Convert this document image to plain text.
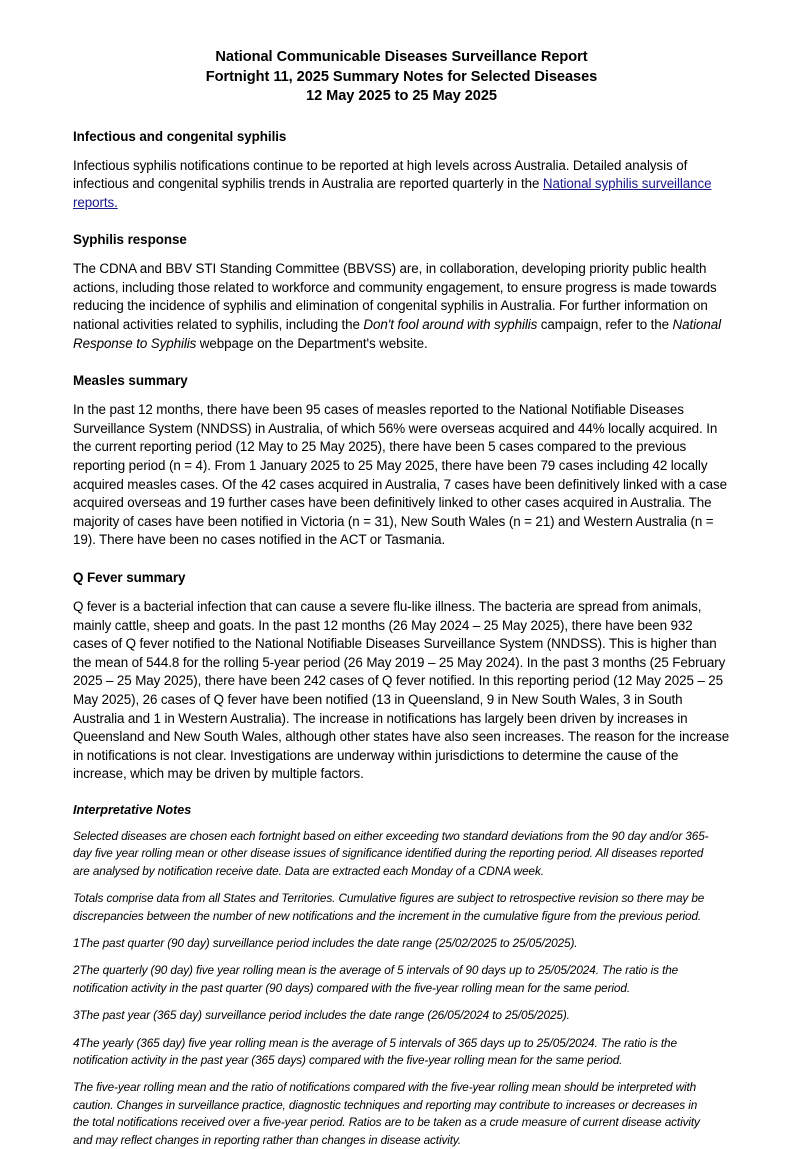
National Communicable Diseases Surveillance Report
Fortnight 11, 2025 Summary Notes for Selected Diseases
12 May 2025 to 25 May 2025
Infectious and congenital syphilis

Infectious syphilis notifications continue to be reported at high levels across Australia. Detailed analysis of infectious and congenital syphilis trends in Australia are reported quarterly in the National syphilis surveillance reports.

Syphilis response

The CDNA and BBV STI Standing Committee (BBVSS) are, in collaboration, developing priority public health actions, including those related to workforce and community engagement, to ensure progress is made towards reducing the incidence of syphilis and elimination of congenital syphilis in Australia. For further information on national activities related to syphilis, including the Don't fool around with syphilis campaign, refer to the National Response to Syphilis webpage on the Department's website.

Measles summary

In the past 12 months, there have been 95 cases of measles reported to the National Notifiable Diseases Surveillance System (NNDSS) in Australia, of which 56% were overseas acquired and 44% locally acquired. In the current reporting period (12 May to 25 May 2025), there have been 5 cases compared to the previous reporting period (n = 4). From 1 January 2025 to 25 May 2025, there have been 79 cases including 42 locally acquired measles cases. Of the 42 cases acquired in Australia, 7 cases have been definitively linked with a case acquired overseas and 19 further cases have been definitively linked to other cases acquired in Australia. The majority of cases have been notified in Victoria (n = 31), New South Wales (n = 21) and Western Australia (n = 19). There have been no cases notified in the ACT or Tasmania.

Q Fever summary

Q fever is a bacterial infection that can cause a severe flu-like illness. The bacteria are spread from animals, mainly cattle, sheep and goats. In the past 12 months (26 May 2024 – 25 May 2025), there have been 932 cases of Q fever notified to the National Notifiable Diseases Surveillance System (NNDSS). This is higher than the mean of 544.8 for the rolling 5-year period (26 May 2019 – 25 May 2024). In the past 3 months (25 February 2025 – 25 May 2025), there have been 242 cases of Q fever notified. In this reporting period (12 May 2025 – 25 May 2025), 26 cases of Q fever have been notified (13 in Queensland, 9 in New South Wales, 3 in South Australia and 1 in Western Australia). The increase in notifications has largely been driven by increases in Queensland and New South Wales, although other states have also seen increases. The reason for the increase in notifications is not clear. Investigations are underway within jurisdictions to determine the cause of the increase, which may be driven by multiple factors.

Interpretative Notes

Selected diseases are chosen each fortnight based on either exceeding two standard deviations from the 90 day and/or 365-day five year rolling mean or other disease issues of significance identified during the reporting period. All diseases reported are analysed by notification receive date. Data are extracted each Monday of a CDNA week.

Totals comprise data from all States and Territories. Cumulative figures are subject to retrospective revision so there may be discrepancies between the number of new notifications and the increment in the cumulative figure from the previous period.

1The past quarter (90 day) surveillance period includes the date range (25/02/2025 to 25/05/2025).

2The quarterly (90 day) five year rolling mean is the average of 5 intervals of 90 days up to 25/05/2024. The ratio is the notification activity in the past quarter (90 days) compared with the five-year rolling mean for the same period.

3The past year (365 day) surveillance period includes the date range (26/05/2024 to 25/05/2025).

4The yearly (365 day) five year rolling mean is the average of 5 intervals of 365 days up to 25/05/2024. The ratio is the notification activity in the past year (365 days) compared with the five-year rolling mean for the same period.

The five-year rolling mean and the ratio of notifications compared with the five-year rolling mean should be interpreted with caution. Changes in surveillance practice, diagnostic techniques and reporting may contribute to increases or decreases in the total notifications received over a five-year period. Ratios are to be taken as a crude measure of current disease activity and may reflect changes in reporting rather than changes in disease activity.
